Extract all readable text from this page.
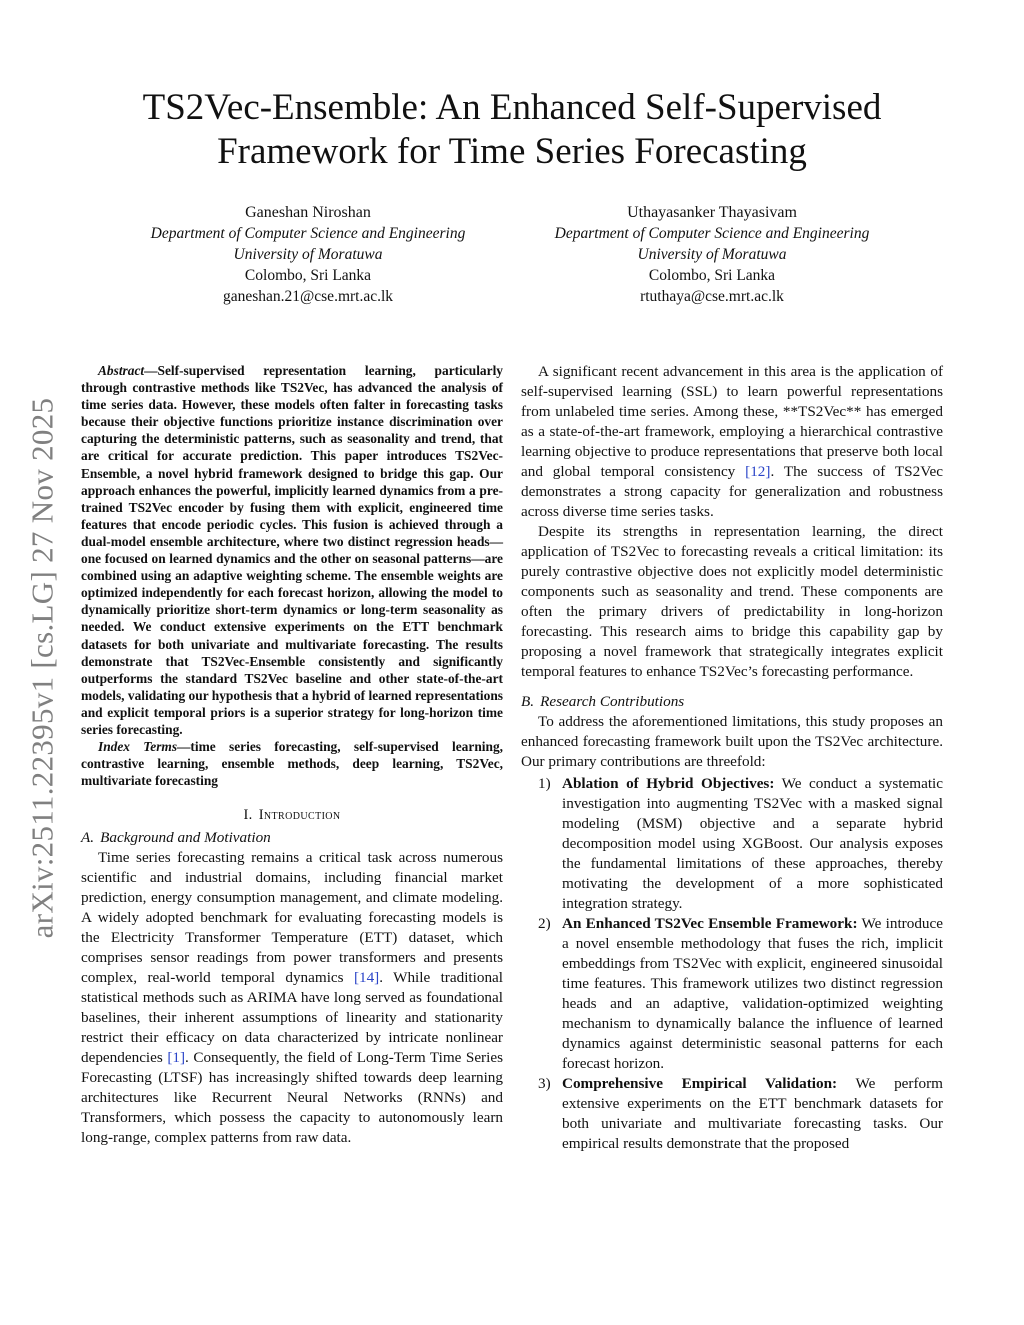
TS2Vec-Ensemble: An Enhanced Self-Supervised
Framework for Time Series Forecasting
Ganeshan Niroshan
Department of Computer Science and Engineering
University of Moratuwa
Colombo, Sri Lanka
ganeshan.21@cse.mrt.ac.lk
Uthayasanker Thayasivam
Department of Computer Science and Engineering
University of Moratuwa
Colombo, Sri Lanka
rtuthaya@cse.mrt.ac.lk
arXiv:2511.22395v1 [cs.LG] 27 Nov 2025

Abstract—Self-supervised representation learning, particularly through contrastive methods like TS2Vec, has advanced the analysis of time series data. However, these models often falter in forecasting tasks because their objective functions prioritize instance discrimination over capturing the deterministic patterns, such as seasonality and trend, that are critical for accurate prediction. This paper introduces TS2Vec-Ensemble, a novel hybrid framework designed to bridge this gap. Our approach enhances the powerful, implicitly learned dynamics from a pre-trained TS2Vec encoder by fusing them with explicit, engineered time features that encode periodic cycles. This fusion is achieved through a dual-model ensemble architecture, where two distinct regression heads—one focused on learned dynamics and the other on seasonal patterns—are combined using an adaptive weighting scheme. The ensemble weights are optimized independently for each forecast horizon, allowing the model to dynamically prioritize short-term dynamics or long-term seasonality as needed. We conduct extensive experiments on the ETT benchmark datasets for both univariate and multivariate forecasting. The results demonstrate that TS2Vec-Ensemble consistently and significantly outperforms the standard TS2Vec baseline and other state-of-the-art models, validating our hypothesis that a hybrid of learned representations and explicit temporal priors is a superior strategy for long-horizon time series forecasting.

Index Terms—time series forecasting, self-supervised learning, contrastive learning, ensemble methods, deep learning, TS2Vec, multivariate forecasting

I. Introduction

A. Background and Motivation

Time series forecasting remains a critical task across numerous scientific and industrial domains, including financial market prediction, energy consumption management, and climate modeling. A widely adopted benchmark for evaluating forecasting models is the Electricity Transformer Temperature (ETT) dataset, which comprises sensor readings from power transformers and presents complex, real-world temporal dynamics [14]. While traditional statistical methods such as ARIMA have long served as foundational baselines, their inherent assumptions of linearity and stationarity restrict their efficacy on data characterized by intricate nonlinear dependencies [1]. Consequently, the field of Long-Term Time Series Forecasting (LTSF) has increasingly shifted towards deep learning architectures like Recurrent Neural Networks (RNNs) and Transformers, which possess the capacity to autonomously learn long-range, complex patterns from raw data.

A significant recent advancement in this area is the application of self-supervised learning (SSL) to learn powerful representations from unlabeled time series. Among these, **TS2Vec** has emerged as a state-of-the-art framework, employing a hierarchical contrastive learning objective to produce representations that preserve both local and global temporal consistency [12]. The success of TS2Vec demonstrates a strong capacity for generalization and robustness across diverse time series tasks.

Despite its strengths in representation learning, the direct application of TS2Vec to forecasting reveals a critical limitation: its purely contrastive objective does not explicitly model deterministic components such as seasonality and trend. These components are often the primary drivers of predictability in long-horizon forecasting. This research aims to bridge this capability gap by proposing a novel framework that strategically integrates explicit temporal features to enhance TS2Vec’s forecasting performance.

B. Research Contributions

To address the aforementioned limitations, this study proposes an enhanced forecasting framework built upon the TS2Vec architecture. Our primary contributions are threefold:

1) Ablation of Hybrid Objectives: We conduct a systematic investigation into augmenting TS2Vec with a masked signal modeling (MSM) objective and a separate hybrid decomposition model using XGBoost. Our analysis exposes the fundamental limitations of these approaches, thereby motivating the development of a more sophisticated integration strategy.
2) An Enhanced TS2Vec Ensemble Framework: We introduce a novel ensemble methodology that fuses the rich, implicit embeddings from TS2Vec with explicit, engineered sinusoidal time features. This framework utilizes two distinct regression heads and an adaptive, validation-optimized weighting mechanism to dynamically balance the influence of learned dynamics against deterministic seasonal patterns for each forecast horizon.
3) Comprehensive Empirical Validation: We perform extensive experiments on the ETT benchmark datasets for both univariate and multivariate forecasting tasks. Our empirical results demonstrate that the proposed
